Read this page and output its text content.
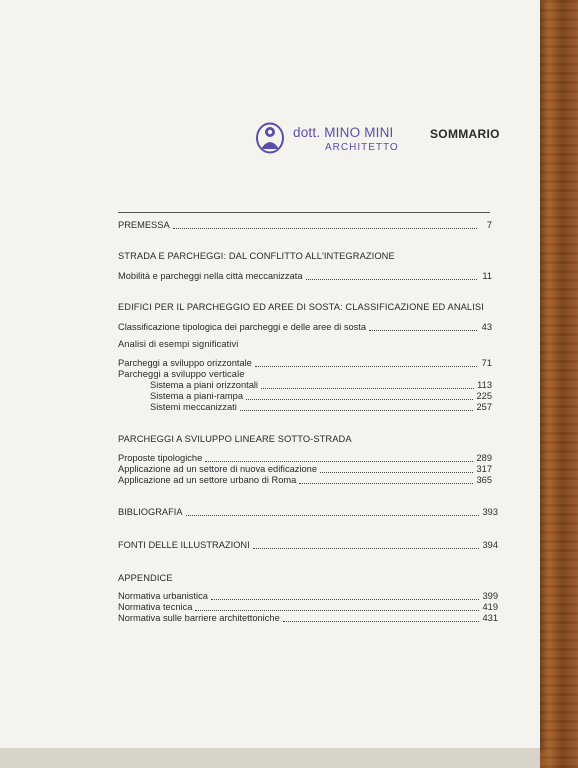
dott. MINO MINI
ARCHITETTO
SOMMARIO
PREMESSA	7
STRADA E PARCHEGGI: DAL CONFLITTO ALL'INTEGRAZIONE
Mobilità e parcheggi nella città meccanizzata	11
EDIFICI PER IL PARCHEGGIO ED AREE DI SOSTA: CLASSIFICAZIONE ED ANALISI
Classificazione tipologica dei parcheggi e delle aree di sosta	43
Analisi di esempi significativi
Parcheggi a sviluppo orizzontale	71
Parcheggi a sviluppo verticale
Sistema a piani orizzontali	113
Sistema a piani-rampa	225
Sistemi meccanizzati	257
PARCHEGGI A SVILUPPO LINEARE SOTTO-STRADA
Proposte tipologiche	289
Applicazione ad un settore di nuova edificazione	317
Applicazione ad un settore urbano di Roma	365
BIBLIOGRAFIA	393
FONTI DELLE ILLUSTRAZIONI	394
APPENDICE
Normativa urbanistica	399
Normativa tecnica	419
Normativa sulle barriere architettoniche	431
